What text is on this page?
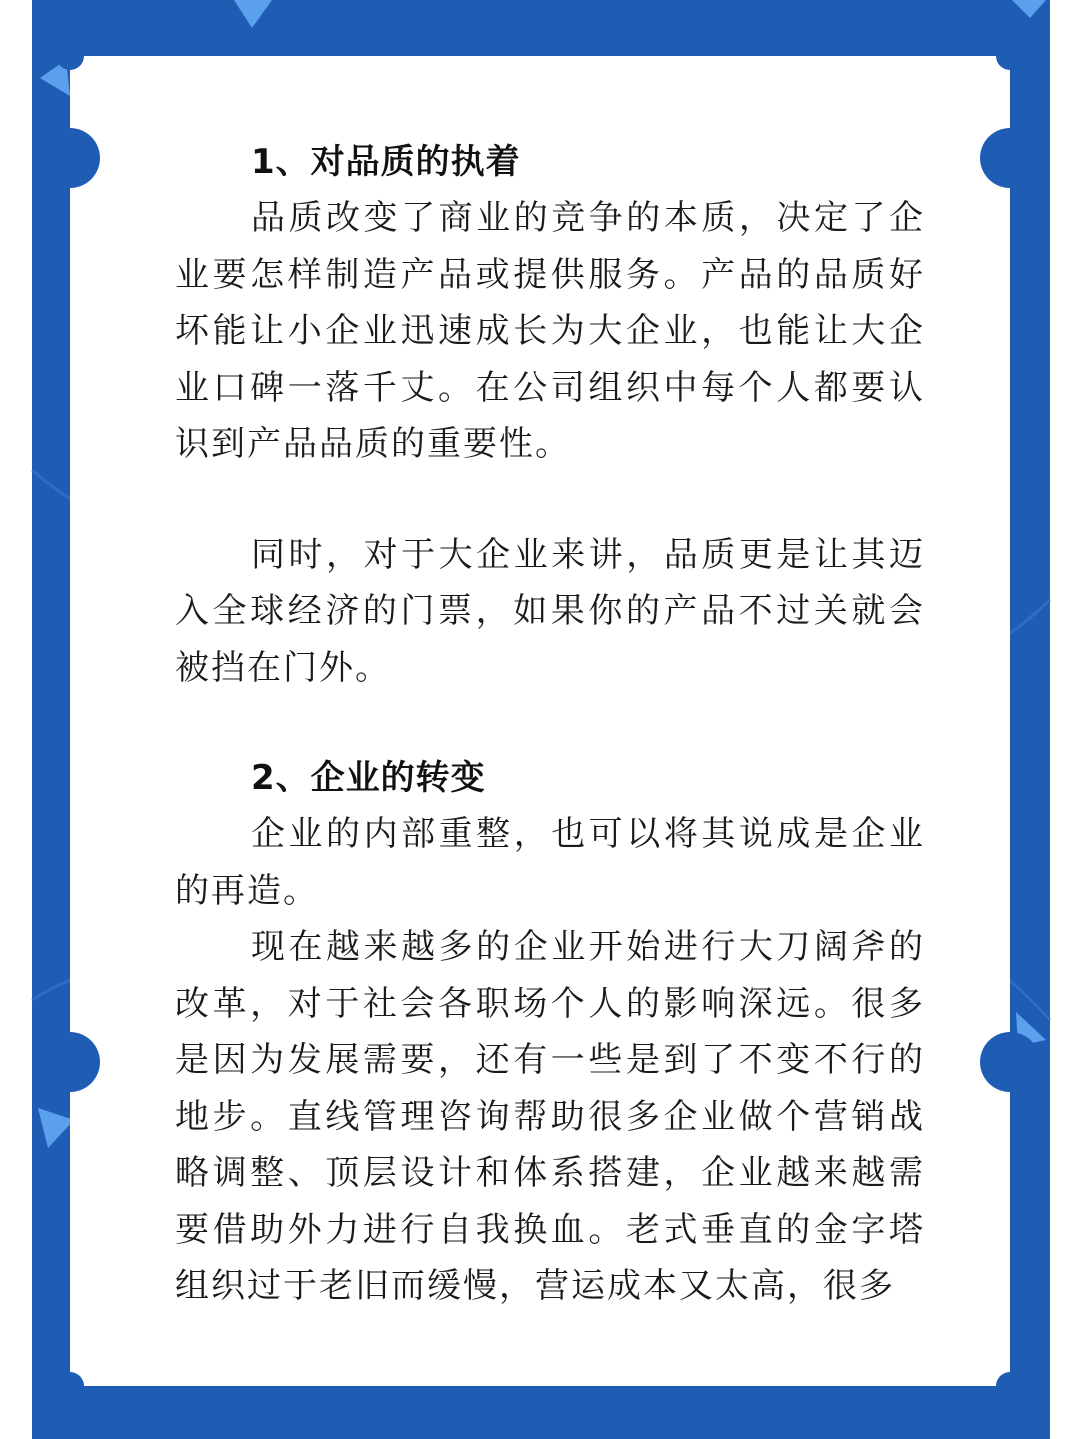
1、对品质的执着

品质改变了商业的竞争的本质，决定了企业要怎样制造产品或提供服务。产品的品质好坏能让小企业迅速成长为大企业，也能让大企业口碑一落千丈。在公司组织中每个人都要认识到产品品质的重要性。

同时，对于大企业来讲，品质更是让其迈入全球经济的门票，如果你的产品不过关就会被挡在门外。

2、企业的转变

企业的内部重整，也可以将其说成是企业的再造。

现在越来越多的企业开始进行大刀阔斧的改革，对于社会各职场个人的影响深远。很多是因为发展需要，还有一些是到了不变不行的地步。直线管理咨询帮助很多企业做个营销战略调整、顶层设计和体系搭建，企业越来越需要借助外力进行自我换血。老式垂直的金字塔组织过于老旧而缓慢，营运成本又太高，很多
